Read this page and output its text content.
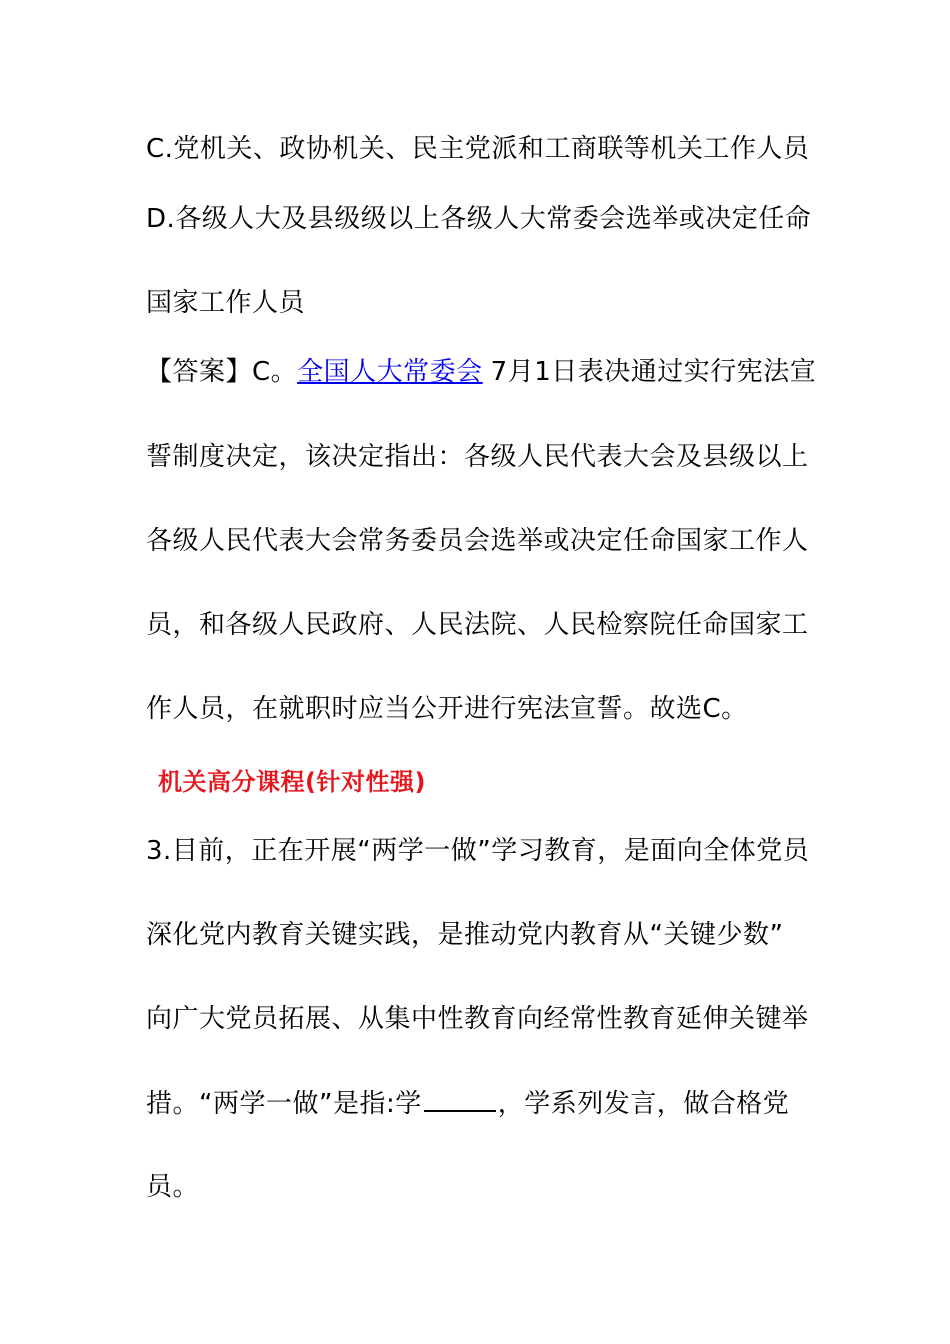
C.党机关、政协机关、民主党派和工商联等机关工作人员
D.各级人大及县级级以上各级人大常委会选举或决定任命
国家工作人员
【答案】C。全国人大常委会 7月1日表决通过实行宪法宣
誓制度决定，该决定指出：各级人民代表大会及县级以上
各级人民代表大会常务委员会选举或决定任命国家工作人
员，和各级人民政府、人民法院、人民检察院任命国家工
作人员，在就职时应当公开进行宪法宣誓。故选C。
机关高分课程(针对性强)
3.目前，正在开展“两学一做”学习教育，是面向全体党员
深化党内教育关键实践，是推动党内教育从“关键少数”
向广大党员拓展、从集中性教育向经常性教育延伸关键举
措。“两学一做”是指:学	，学系列发言，做合格党
员。
